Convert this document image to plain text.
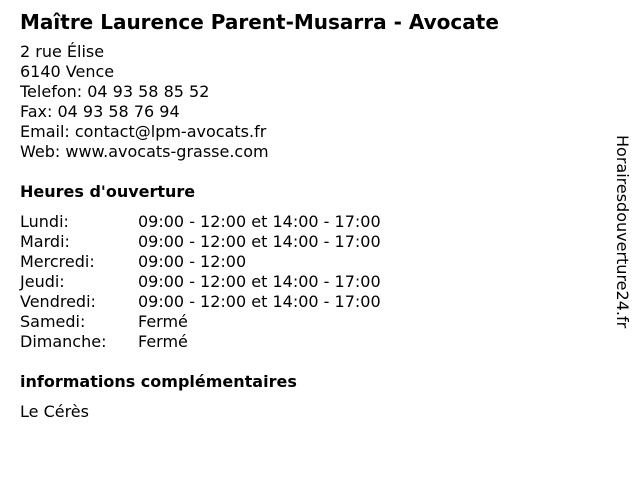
Maître Laurence Parent-Musarra - Avocate
2 rue Élise
6140 Vence
Telefon: 04 93 58 85 52
Fax: 04 93 58 76 94
Email: contact@lpm-avocats.fr
Web: www.avocats-grasse.com
Heures d'ouverture
Lundi:	09:00 - 12:00 et 14:00 - 17:00
Mardi:	09:00 - 12:00 et 14:00 - 17:00
Mercredi:	09:00 - 12:00
Jeudi:	09:00 - 12:00 et 14:00 - 17:00
Vendredi:	09:00 - 12:00 et 14:00 - 17:00
Samedi:	Fermé
Dimanche:	Fermé
informations complémentaires
Le Cérès
Horairesdouverture24.fr
